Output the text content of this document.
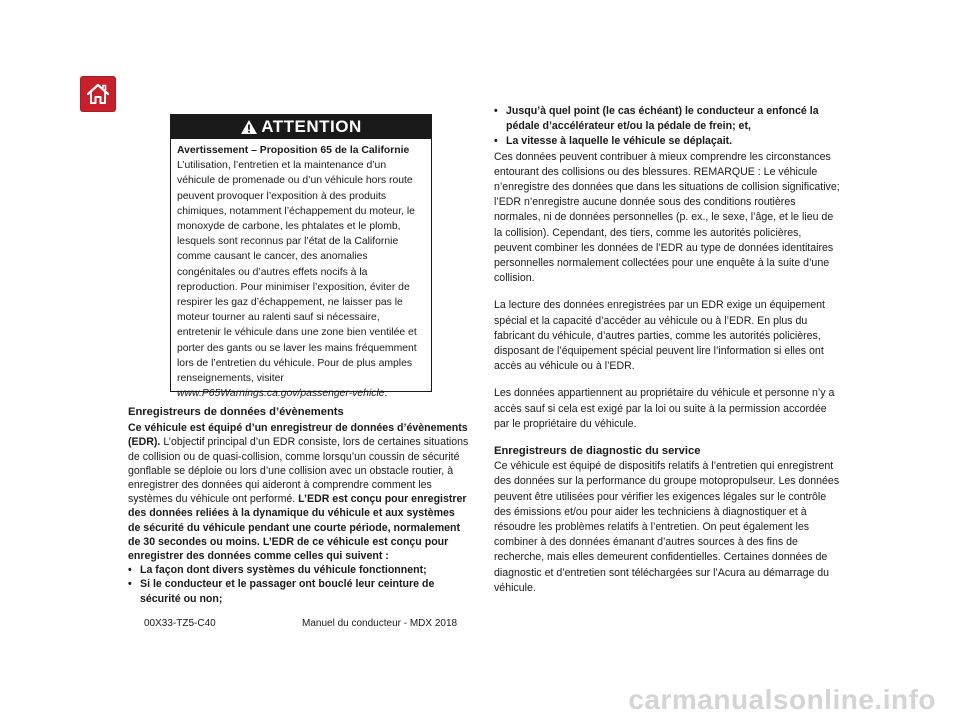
ATTENTION
Avertissement – Proposition 65 de la Californie
L’utilisation, l’entretien et la maintenance d’un véhicule de promenade ou d’un véhicule hors route peuvent provoquer l’exposition à des produits chimiques, notamment l’échappement du moteur, le monoxyde de carbone, les phtalates et le plomb, lesquels sont reconnus par l’état de la Californie comme causant le cancer, des anomalies congénitales ou d’autres effets nocifs à la reproduction. Pour minimiser l’exposition, éviter de respirer les gaz d’échappement, ne laisser pas le moteur tourner au ralenti sauf si nécessaire, entretenir le véhicule dans une zone bien ventilée et porter des gants ou se laver les mains fréquemment lors de l’entretien du véhicule. Pour de plus amples renseignements, visiter www.P65Warnings.ca.gov/passenger-vehicle.
Enregistreurs de données d’évènements

Ce véhicule est équipé d’un enregistreur de données d’évènements (EDR). L’objectif principal d’un EDR consiste, lors de certaines situations de collision ou de quasi-collision, comme lorsqu’un coussin de sécurité gonflable se déploie ou lors d’une collision avec un obstacle routier, à enregistrer des données qui aideront à comprendre comment les systèmes du véhicule ont performé. L’EDR est conçu pour enregistrer des données reliées à la dynamique du véhicule et aux systèmes de sécurité du véhicule pendant une courte période, normalement de 30 secondes ou moins. L’EDR de ce véhicule est conçu pour enregistrer des données comme celles qui suivent :

• La façon dont divers systèmes du véhicule fonctionnent;
• Si le conducteur et le passager ont bouclé leur ceinture de sécurité ou non;
• Jusqu’à quel point (le cas échéant) le conducteur a enfoncé la pédale d’accélérateur et/ou la pédale de frein; et,
• La vitesse à laquelle le véhicule se déplaçait.

Ces données peuvent contribuer à mieux comprendre les circonstances entourant des collisions ou des blessures. REMARQUE : Le véhicule n’enregistre des données que dans les situations de collision significative; l’EDR n’enregistre aucune donnée sous des conditions routières normales, ni de données personnelles (p. ex., le sexe, l’âge, et le lieu de la collision). Cependant, des tiers, comme les autorités policières, peuvent combiner les données de l’EDR au type de données identitaires personnelles normalement collectées pour une enquête à la suite d’une collision.

La lecture des données enregistrées par un EDR exige un équipement spécial et la capacité d’accéder au véhicule ou à l’EDR. En plus du fabricant du véhicule, d’autres parties, comme les autorités policières, disposant de l’équipement spécial peuvent lire l’information si elles ont accès au véhicule ou à l’EDR.

Les données appartiennent au propriétaire du véhicule et personne n’y a accès sauf si cela est exigé par la loi ou suite à la permission accordée par le propriétaire du véhicule.

Enregistreurs de diagnostic du service

Ce véhicule est équipé de dispositifs relatifs à l’entretien qui enregistrent des données sur la performance du groupe motopropulseur. Les données peuvent être utilisées pour vérifier les exigences légales sur le contrôle des émissions et/ou pour aider les techniciens à diagnostiquer et à résoudre les problèmes relatifs à l’entretien. On peut également les combiner à des données émanant d’autres sources à des fins de recherche, mais elles demeurent confidentielles. Certaines données de diagnostic et d’entretien sont téléchargées sur l’Acura au démarrage du véhicule.

00X33-TZ5-C40	Manuel du conducteur - MDX 2018
carmanualsonline.info
